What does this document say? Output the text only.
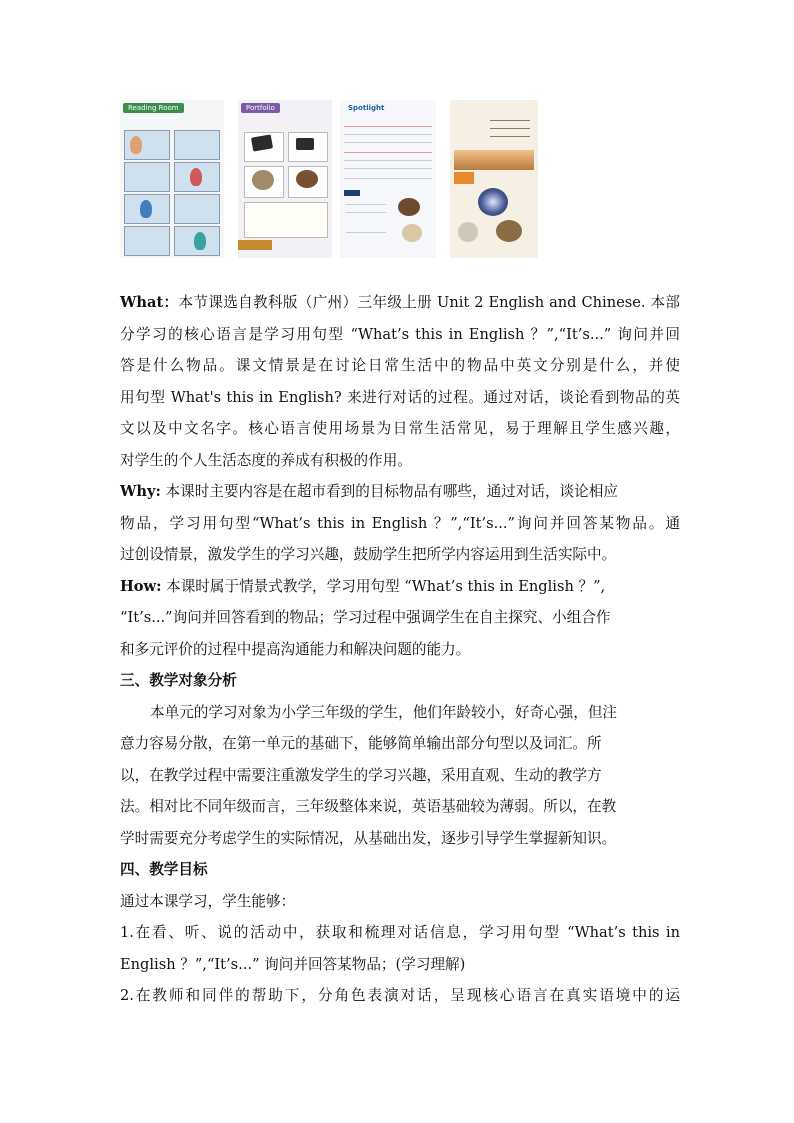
Reading Room	Portfolio	Spotlight

What：本节课选自教科版（广州）三年级上册 Unit 2 English and Chinese. 本部

分学习的核心语言是学习用句型 “What’s this in English ？”,“It’s...” 询问并回

答是什么物品。课文情景是在讨论日常生活中的物品中英文分别是什么，并使

用句型 What's this in English? 来进行对话的过程。通过对话，谈论看到物品的英

文以及中文名字。核心语言使用场景为日常生活常见，易于理解且学生感兴趣，

对学生的个人生活态度的养成有积极的作用。

Why: 本课时主要内容是在超市看到的目标物品有哪些，通过对话，谈论相应

物品，学习用句型“What’s this in English ？”,“It’s...”询问并回答某物品。通

过创设情景，激发学生的学习兴趣，鼓励学生把所学内容运用到生活实际中。

How: 本课时属于情景式教学，学习用句型 “What’s this in English ？”,

“It’s...”询问并回答看到的物品；学习过程中强调学生在自主探究、小组合作

和多元评价的过程中提高沟通能力和解决问题的能力。

三、教学对象分析

本单元的学习对象为小学三年级的学生，他们年龄较小，好奇心强，但注

意力容易分散，在第一单元的基础下，能够简单输出部分句型以及词汇。所

以，在教学过程中需要注重激发学生的学习兴趣，采用直观、生动的教学方

法。相对比不同年级而言，三年级整体来说，英语基础较为薄弱。所以，在教

学时需要充分考虑学生的实际情况，从基础出发，逐步引导学生掌握新知识。

四、教学目标

通过本课学习，学生能够：

1.在看、听、说的活动中，获取和梳理对话信息，学习用句型 “What’s this in

English ？”,“It’s...” 询问并回答某物品；(学习理解)

2.在教师和同伴的帮助下，分角色表演对话，呈现核心语言在真实语境中的运
